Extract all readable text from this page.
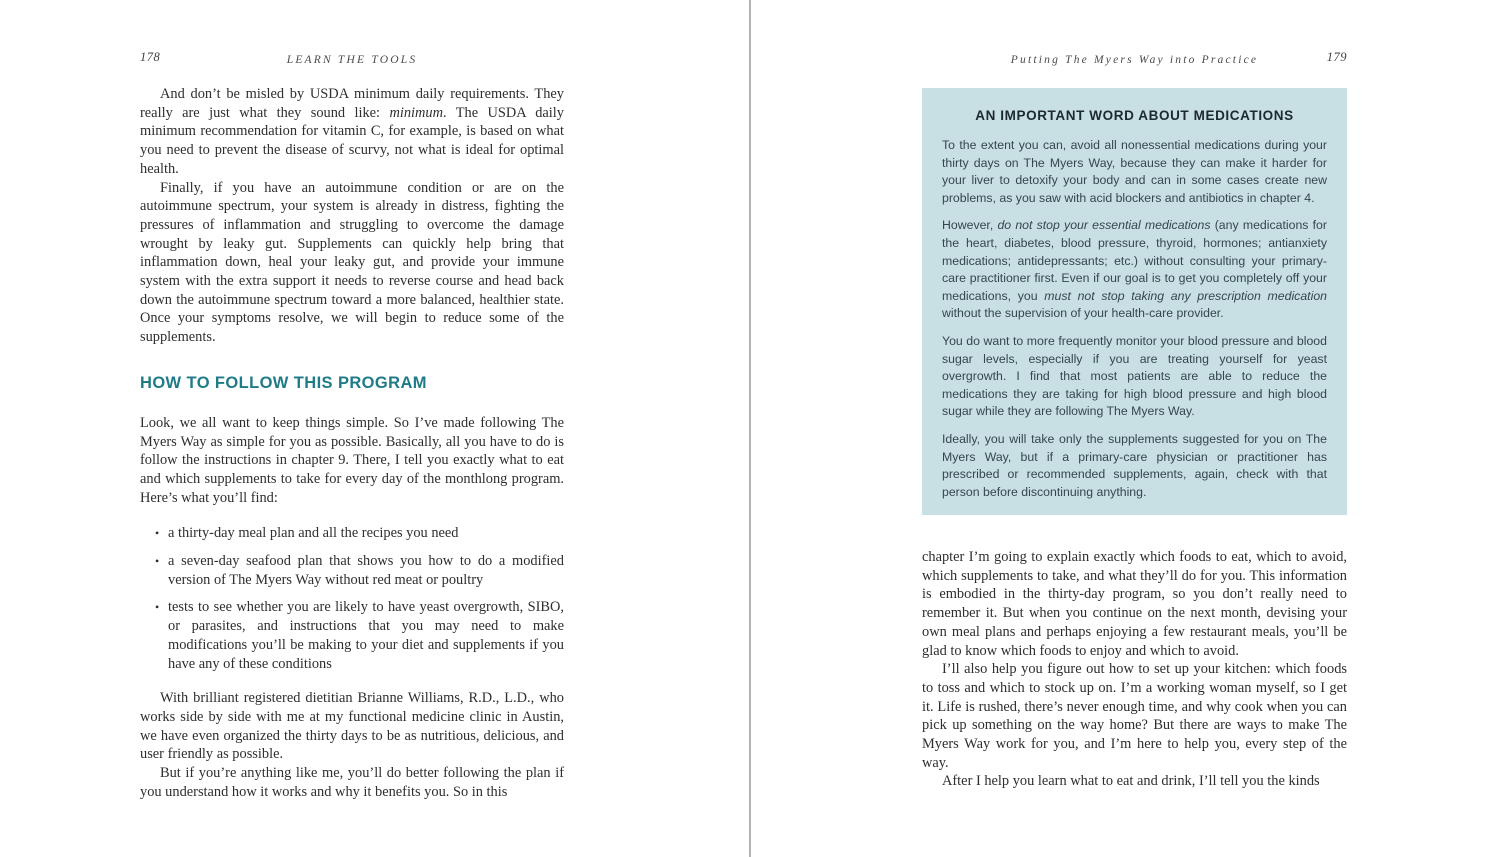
178	LEARN THE TOOLS

And don’t be misled by USDA minimum daily requirements. They really are just what they sound like: minimum. The USDA daily minimum recommendation for vitamin C, for example, is based on what you need to prevent the disease of scurvy, not what is ideal for optimal health.

Finally, if you have an autoimmune condition or are on the autoimmune spectrum, your system is already in distress, fighting the pressures of inflammation and struggling to overcome the damage wrought by leaky gut. Supplements can quickly help bring that inflammation down, heal your leaky gut, and provide your immune system with the extra support it needs to reverse course and head back down the autoimmune spectrum toward a more balanced, healthier state. Once your symptoms resolve, we will begin to reduce some of the supplements.

HOW TO FOLLOW THIS PROGRAM

Look, we all want to keep things simple. So I’ve made following The Myers Way as simple for you as possible. Basically, all you have to do is follow the instructions in chapter 9. There, I tell you exactly what to eat and which supplements to take for every day of the monthlong program. Here’s what you’ll find:

• a thirty-day meal plan and all the recipes you need
• a seven-day seafood plan that shows you how to do a modified version of The Myers Way without red meat or poultry
• tests to see whether you are likely to have yeast overgrowth, SIBO, or parasites, and instructions that you may need to make modifications you’ll be making to your diet and supplements if you have any of these conditions

With brilliant registered dietitian Brianne Williams, R.D., L.D., who works side by side with me at my functional medicine clinic in Austin, we have even organized the thirty days to be as nutritious, delicious, and user friendly as possible.

But if you’re anything like me, you’ll do better following the plan if you understand how it works and why it benefits you. So in this

Putting The Myers Way into Practice	179
AN IMPORTANT WORD ABOUT MEDICATIONS

To the extent you can, avoid all nonessential medications during your thirty days on The Myers Way, because they can make it harder for your liver to detoxify your body and can in some cases create new problems, as you saw with acid blockers and antibiotics in chapter 4.

However, do not stop your essential medications (any medications for the heart, diabetes, blood pressure, thyroid, hormones; antianxiety medications; antidepressants; etc.) without consulting your primary-care practitioner first. Even if our goal is to get you completely off your medications, you must not stop taking any prescription medication without the supervision of your health-care provider.

You do want to more frequently monitor your blood pressure and blood sugar levels, especially if you are treating yourself for yeast overgrowth. I find that most patients are able to reduce the medications they are taking for high blood pressure and high blood sugar while they are following The Myers Way.

Ideally, you will take only the supplements suggested for you on The Myers Way, but if a primary-care physician or practitioner has prescribed or recommended supplements, again, check with that person before discontinuing anything.

chapter I’m going to explain exactly which foods to eat, which to avoid, which supplements to take, and what they’ll do for you. This information is embodied in the thirty-day program, so you don’t really need to remember it. But when you continue on the next month, devising your own meal plans and perhaps enjoying a few restaurant meals, you’ll be glad to know which foods to enjoy and which to avoid.

I’ll also help you figure out how to set up your kitchen: which foods to toss and which to stock up on. I’m a working woman myself, so I get it. Life is rushed, there’s never enough time, and why cook when you can pick up something on the way home? But there are ways to make The Myers Way work for you, and I’m here to help you, every step of the way.

After I help you learn what to eat and drink, I’ll tell you the kinds
